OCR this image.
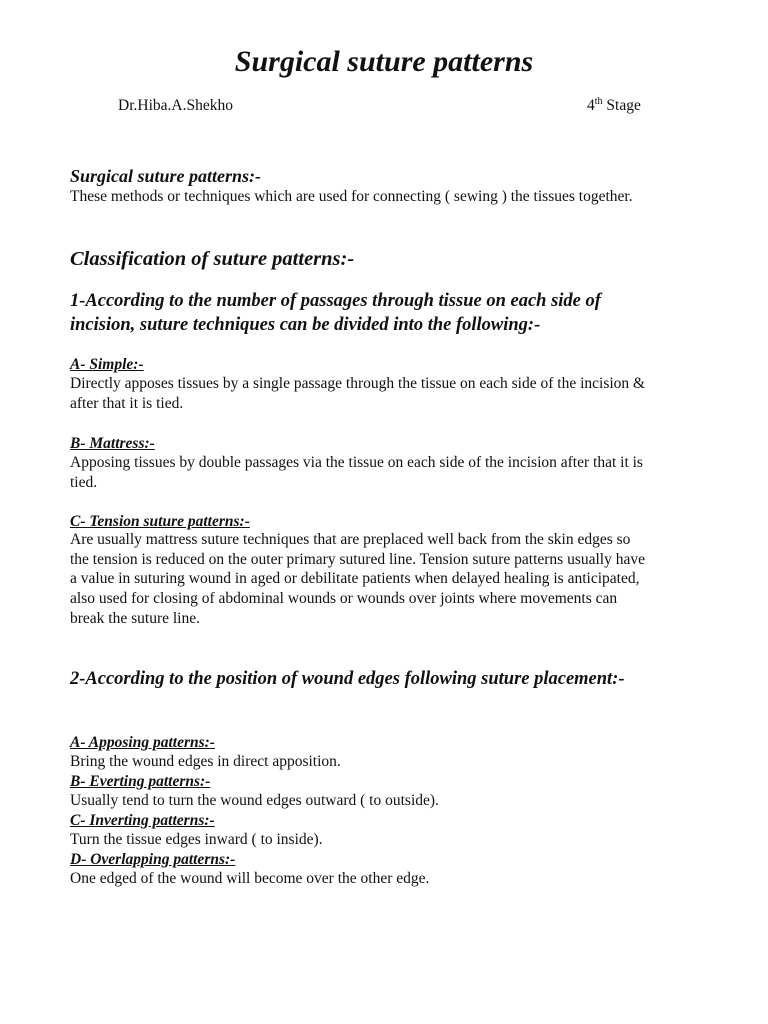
Surgical suture patterns
Dr.Hiba.A.Shekho	4th Stage
Surgical suture patterns:-
These methods or techniques which are used for connecting ( sewing ) the tissues together.
Classification of suture patterns:-
1-According to the number of passages through tissue on each side of incision, suture techniques can be divided into the following:-
A- Simple:-
Directly apposes tissues by a single passage through the tissue on each side of the incision & after that it is tied.
B- Mattress:-
Apposing tissues by double passages via the tissue on each side of the incision after that it is tied.
C- Tension suture patterns:-
Are usually mattress suture techniques that are preplaced well back from the skin edges so the tension is reduced on the outer primary sutured line. Tension suture patterns usually have a value in suturing wound in aged or debilitate patients when delayed healing is anticipated, also used for closing of abdominal wounds or wounds over joints where movements can break the suture line.
2-According to the position of wound edges following suture placement:-
A- Apposing patterns:-
Bring the wound edges in direct apposition.
B- Everting patterns:-
Usually tend to turn the wound edges outward ( to outside).
C- Inverting patterns:-
Turn the tissue edges inward ( to inside).
D- Overlapping patterns:-
One edged of the wound will become over the other edge.
